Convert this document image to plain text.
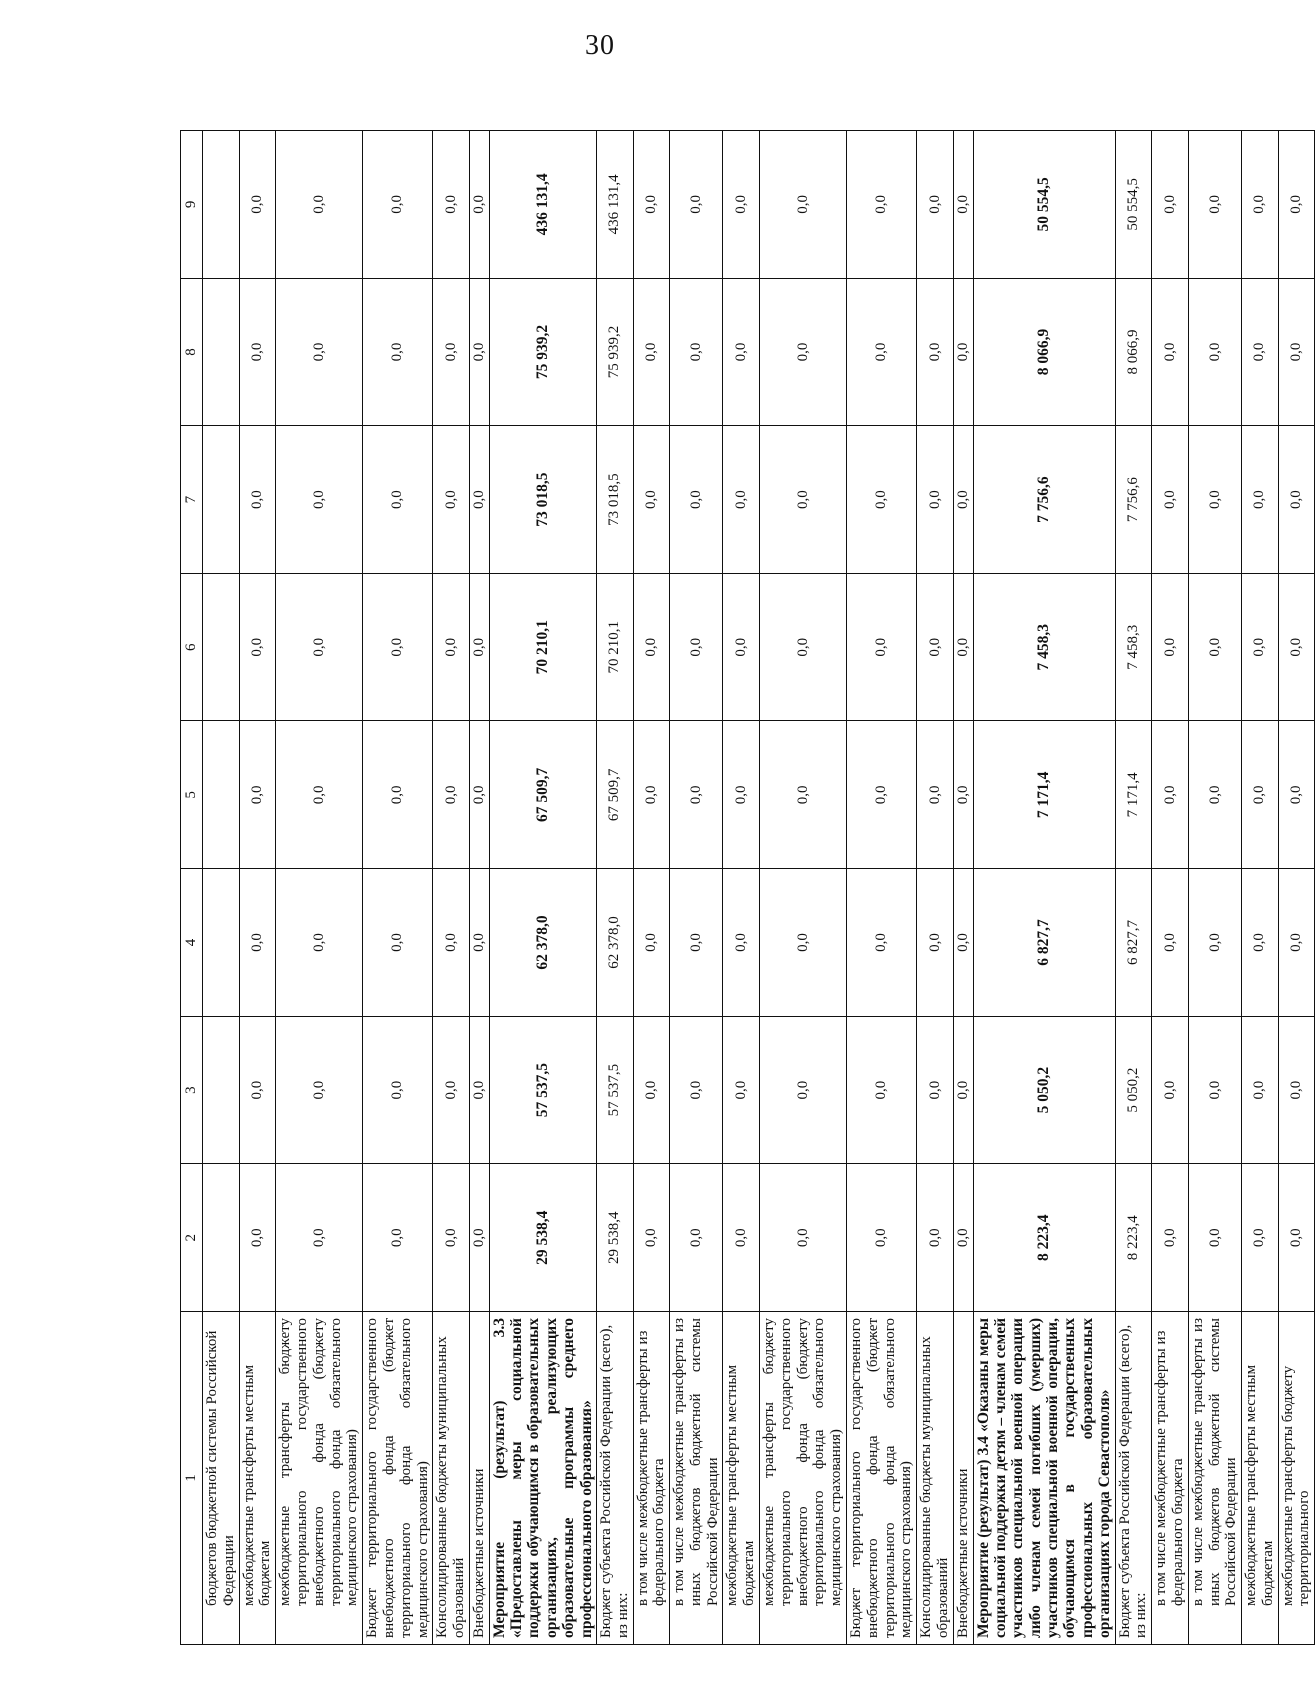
30
1	2	3	4	5	6	7	8	9
бюджетов бюджетной системы Российской Федерации								
межбюджетные трансферты местным бюджетам	0,0	0,0	0,0	0,0	0,0	0,0	0,0	0,0
межбюджетные трансферты бюджету территориального государственного внебюджетного фонда (бюджету территориального фонда обязательного медицинского страхования)	0,0	0,0	0,0	0,0	0,0	0,0	0,0	0,0
Бюджет территориального государственного внебюджетного фонда (бюджет территориального фонда обязательного медицинского страхования)	0,0	0,0	0,0	0,0	0,0	0,0	0,0	0,0
Консолидированные бюджеты муниципальных образований	0,0	0,0	0,0	0,0	0,0	0,0	0,0	0,0
Внебюджетные источники	0,0	0,0	0,0	0,0	0,0	0,0	0,0	0,0
Мероприятие (результат) 3.3 «Предоставлены меры социальной поддержки обучающимся в образовательных организациях, реализующих образовательные программы среднего профессионального образования»	29 538,4	57 537,5	62 378,0	67 509,7	70 210,1	73 018,5	75 939,2	436 131,4
Бюджет субъекта Российской Федерации (всего), из них:	29 538,4	57 537,5	62 378,0	67 509,7	70 210,1	73 018,5	75 939,2	436 131,4
в том числе межбюджетные трансферты из федерального бюджета	0,0	0,0	0,0	0,0	0,0	0,0	0,0	0,0
в том числе межбюджетные трансферты из иных бюджетов бюджетной системы Российской Федерации	0,0	0,0	0,0	0,0	0,0	0,0	0,0	0,0
межбюджетные трансферты местным бюджетам	0,0	0,0	0,0	0,0	0,0	0,0	0,0	0,0
межбюджетные трансферты бюджету территориального государственного внебюджетного фонда (бюджету территориального фонда обязательного медицинского страхования)	0,0	0,0	0,0	0,0	0,0	0,0	0,0	0,0
Бюджет территориального государственного внебюджетного фонда (бюджет территориального фонда обязательного медицинского страхования)	0,0	0,0	0,0	0,0	0,0	0,0	0,0	0,0
Консолидированные бюджеты муниципальных образований	0,0	0,0	0,0	0,0	0,0	0,0	0,0	0,0
Внебюджетные источники	0,0	0,0	0,0	0,0	0,0	0,0	0,0	0,0
Мероприятие (результат) 3.4 «Оказаны меры социальной поддержки детям – членам семей участников специальной военной операции либо членам семей погибших (умерших) участников специальной военной операции, обучающимся в государственных профессиональных образовательных организациях города Севастополя»	8 223,4	5 050,2	6 827,7	7 171,4	7 458,3	7 756,6	8 066,9	50 554,5
Бюджет субъекта Российской Федерации (всего), из них:	8 223,4	5 050,2	6 827,7	7 171,4	7 458,3	7 756,6	8 066,9	50 554,5
в том числе межбюджетные трансферты из федерального бюджета	0,0	0,0	0,0	0,0	0,0	0,0	0,0	0,0
в том числе межбюджетные трансферты из иных бюджетов бюджетной системы Российской Федерации	0,0	0,0	0,0	0,0	0,0	0,0	0,0	0,0
межбюджетные трансферты местным бюджетам	0,0	0,0	0,0	0,0	0,0	0,0	0,0	0,0
межбюджетные трансферты бюджету территориального	0,0	0,0	0,0	0,0	0,0	0,0	0,0	0,0
